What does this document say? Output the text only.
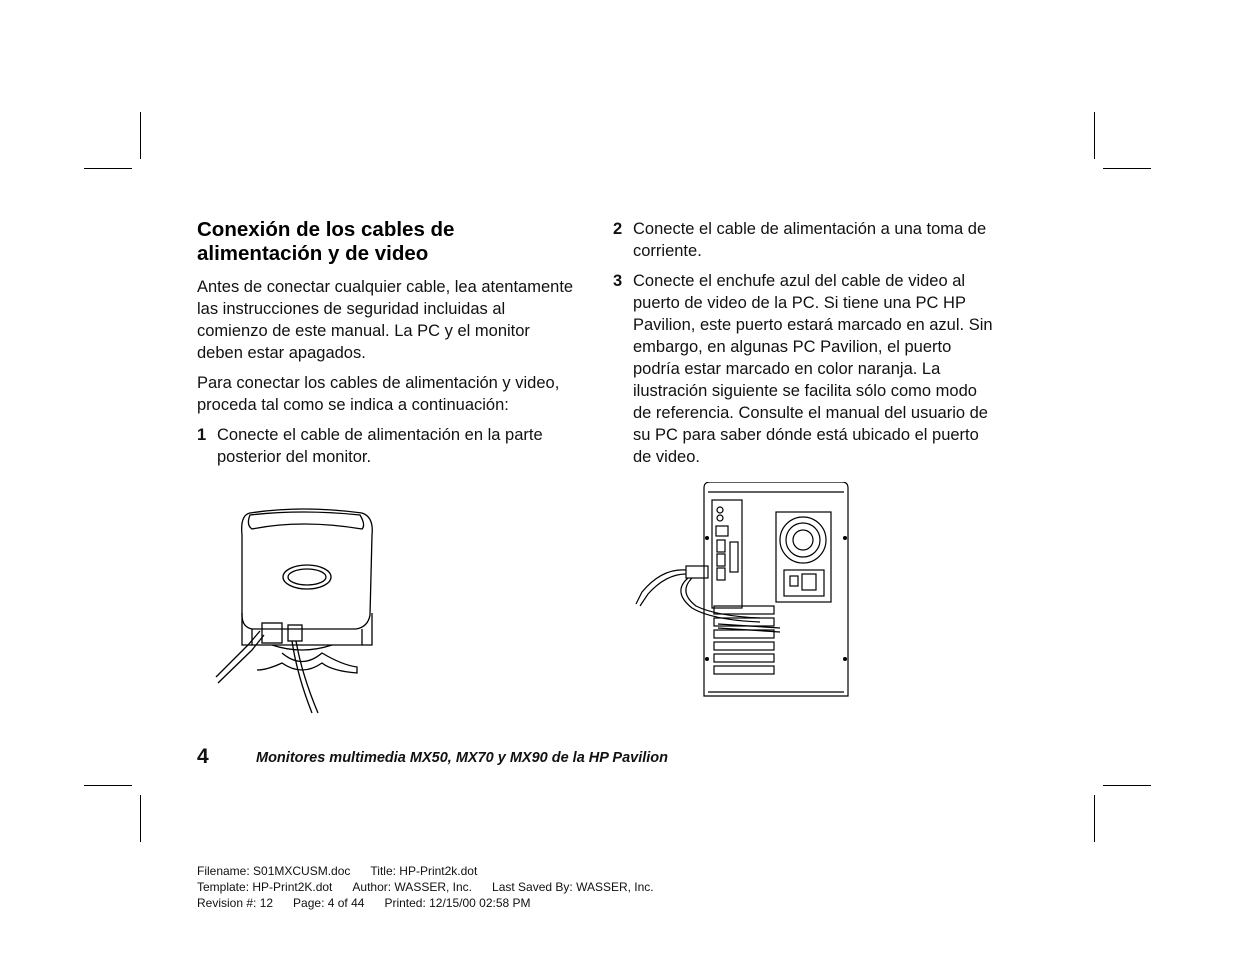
Conexión de los cables de alimentación y de video

Antes de conectar cualquier cable, lea atentamente las instrucciones de seguridad incluidas al comienzo de este manual. La PC y el monitor deben estar apagados.

Para conectar los cables de alimentación y video, proceda tal como se indica a continuación:

1 Conecte el cable de alimentación en la parte posterior del monitor.
2 Conecte el cable de alimentación a una toma de corriente.
3 Conecte el enchufe azul del cable de video al puerto de video de la PC. Si tiene una PC HP Pavilion, este puerto estará marcado en azul. Sin embargo, en algunas PC Pavilion, el puerto podría estar marcado en color naranja. La ilustración siguiente se facilita sólo como modo de referencia. Consulte el manual del usuario de su PC para saber dónde está ubicado el puerto de video.
4	Monitores multimedia MX50, MX70 y MX90 de la HP Pavilion
Filename: S01MXCUSM.doc Title: HP-Print2k.dot
Template: HP-Print2K.dot Author: WASSER, Inc. Last Saved By: WASSER, Inc.
Revision #: 12 Page: 4 of 44 Printed: 12/15/00 02:58 PM
